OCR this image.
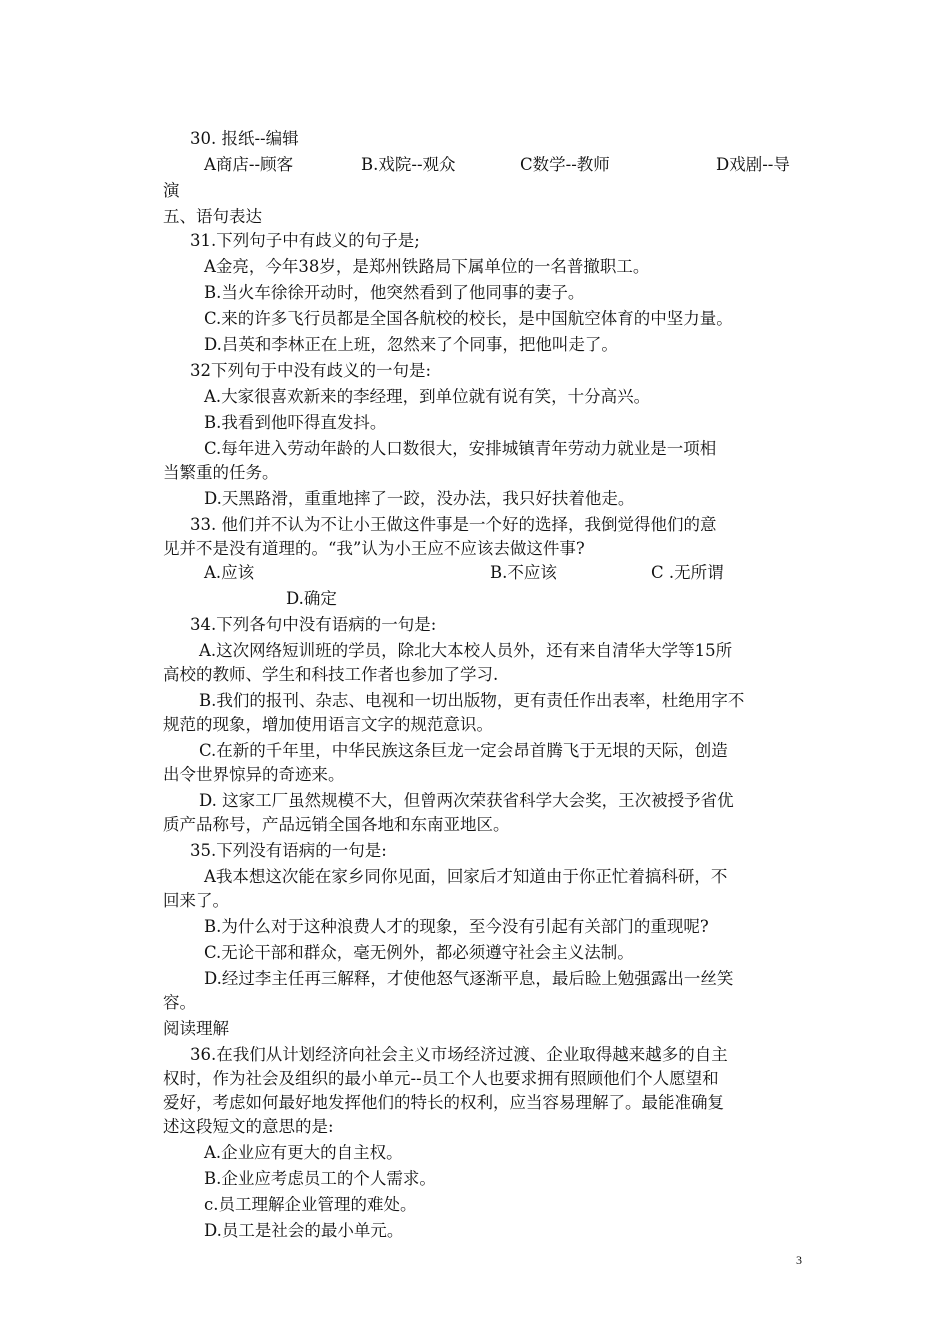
30. 报纸--编辑
A商店--顾客	B.戏院--观众	C数学--教师	D戏剧--导
演
五、语句表达
31.下列句子中有歧义的句子是;
A金亮，今年38岁，是郑州铁路局下属单位的一名普撤职工。
B.当火车徐徐开动时，他突然看到了他同事的妻子。
C.来的许多飞行员都是全国各航校的校长，是中国航空体育的中坚力量。
D.吕英和李林正在上班，忽然来了个同事，把他叫走了。
32下列句于中没有歧义的一句是:
A.大家很喜欢新来的李经理，到单位就有说有笑，十分高兴。
B.我看到他吓得直发抖。
C.每年进入劳动年龄的人口数很大，安排城镇青年劳动力就业是一项相
当繁重的任务。
D.天黑路滑，重重地摔了一跤，没办法，我只好扶着他走。
33. 他们并不认为不让小王做这件事是一个好的选择，我倒觉得他们的意
见并不是没有道理的。“我”认为小王应不应该去做这件事?
A.应该	B.不应该	C .无所谓
D.确定
34.下列各句中没有语病的一句是:
A.这次网络短训班的学员，除北大本校人员外，还有来自清华大学等15所
高校的教师、学生和科技工作者也参加了学习.
B.我们的报刊、杂志、电视和一切出版物，更有责任作出表率，杜绝用字不
规范的现象，增加使用语言文字的规范意识。
C.在新的千年里，中华民族这条巨龙一定会昂首腾飞于无垠的天际，创造
出令世界惊异的奇迹来。
D. 这家工厂虽然规模不大，但曾两次荣获省科学大会奖，王次被授予省优
质产品称号，产品远销全国各地和东南亚地区。
35.下列没有语病的一句是:
A我本想这次能在家乡同你见面，回家后才知道由于你正忙着搞科研，不
回来了。
B.为什么对于这种浪费人才的现象，至今没有引起有关部门的重现呢?
C.无论干部和群众，毫无例外，都必须遵守社会主义法制。
D.经过李主任再三解释，才使他怒气逐渐平息，最后睑上勉强露出一丝笑
容。
阅读理解
36.在我们从计划经济向社会主义市场经济过渡、企业取得越来越多的自主
权时，作为社会及组织的最小单元--员工个人也要求拥有照顾他们个人愿望和
爱好，考虑如何最好地发挥他们的特长的权利，应当容易理解了。最能准确复
述这段短文的意思的是:
A.企业应有更大的自主权。
B.企业应考虑员工的个人需求。
c.员工理解企业管理的难处。
D.员工是社会的最小单元。
3
